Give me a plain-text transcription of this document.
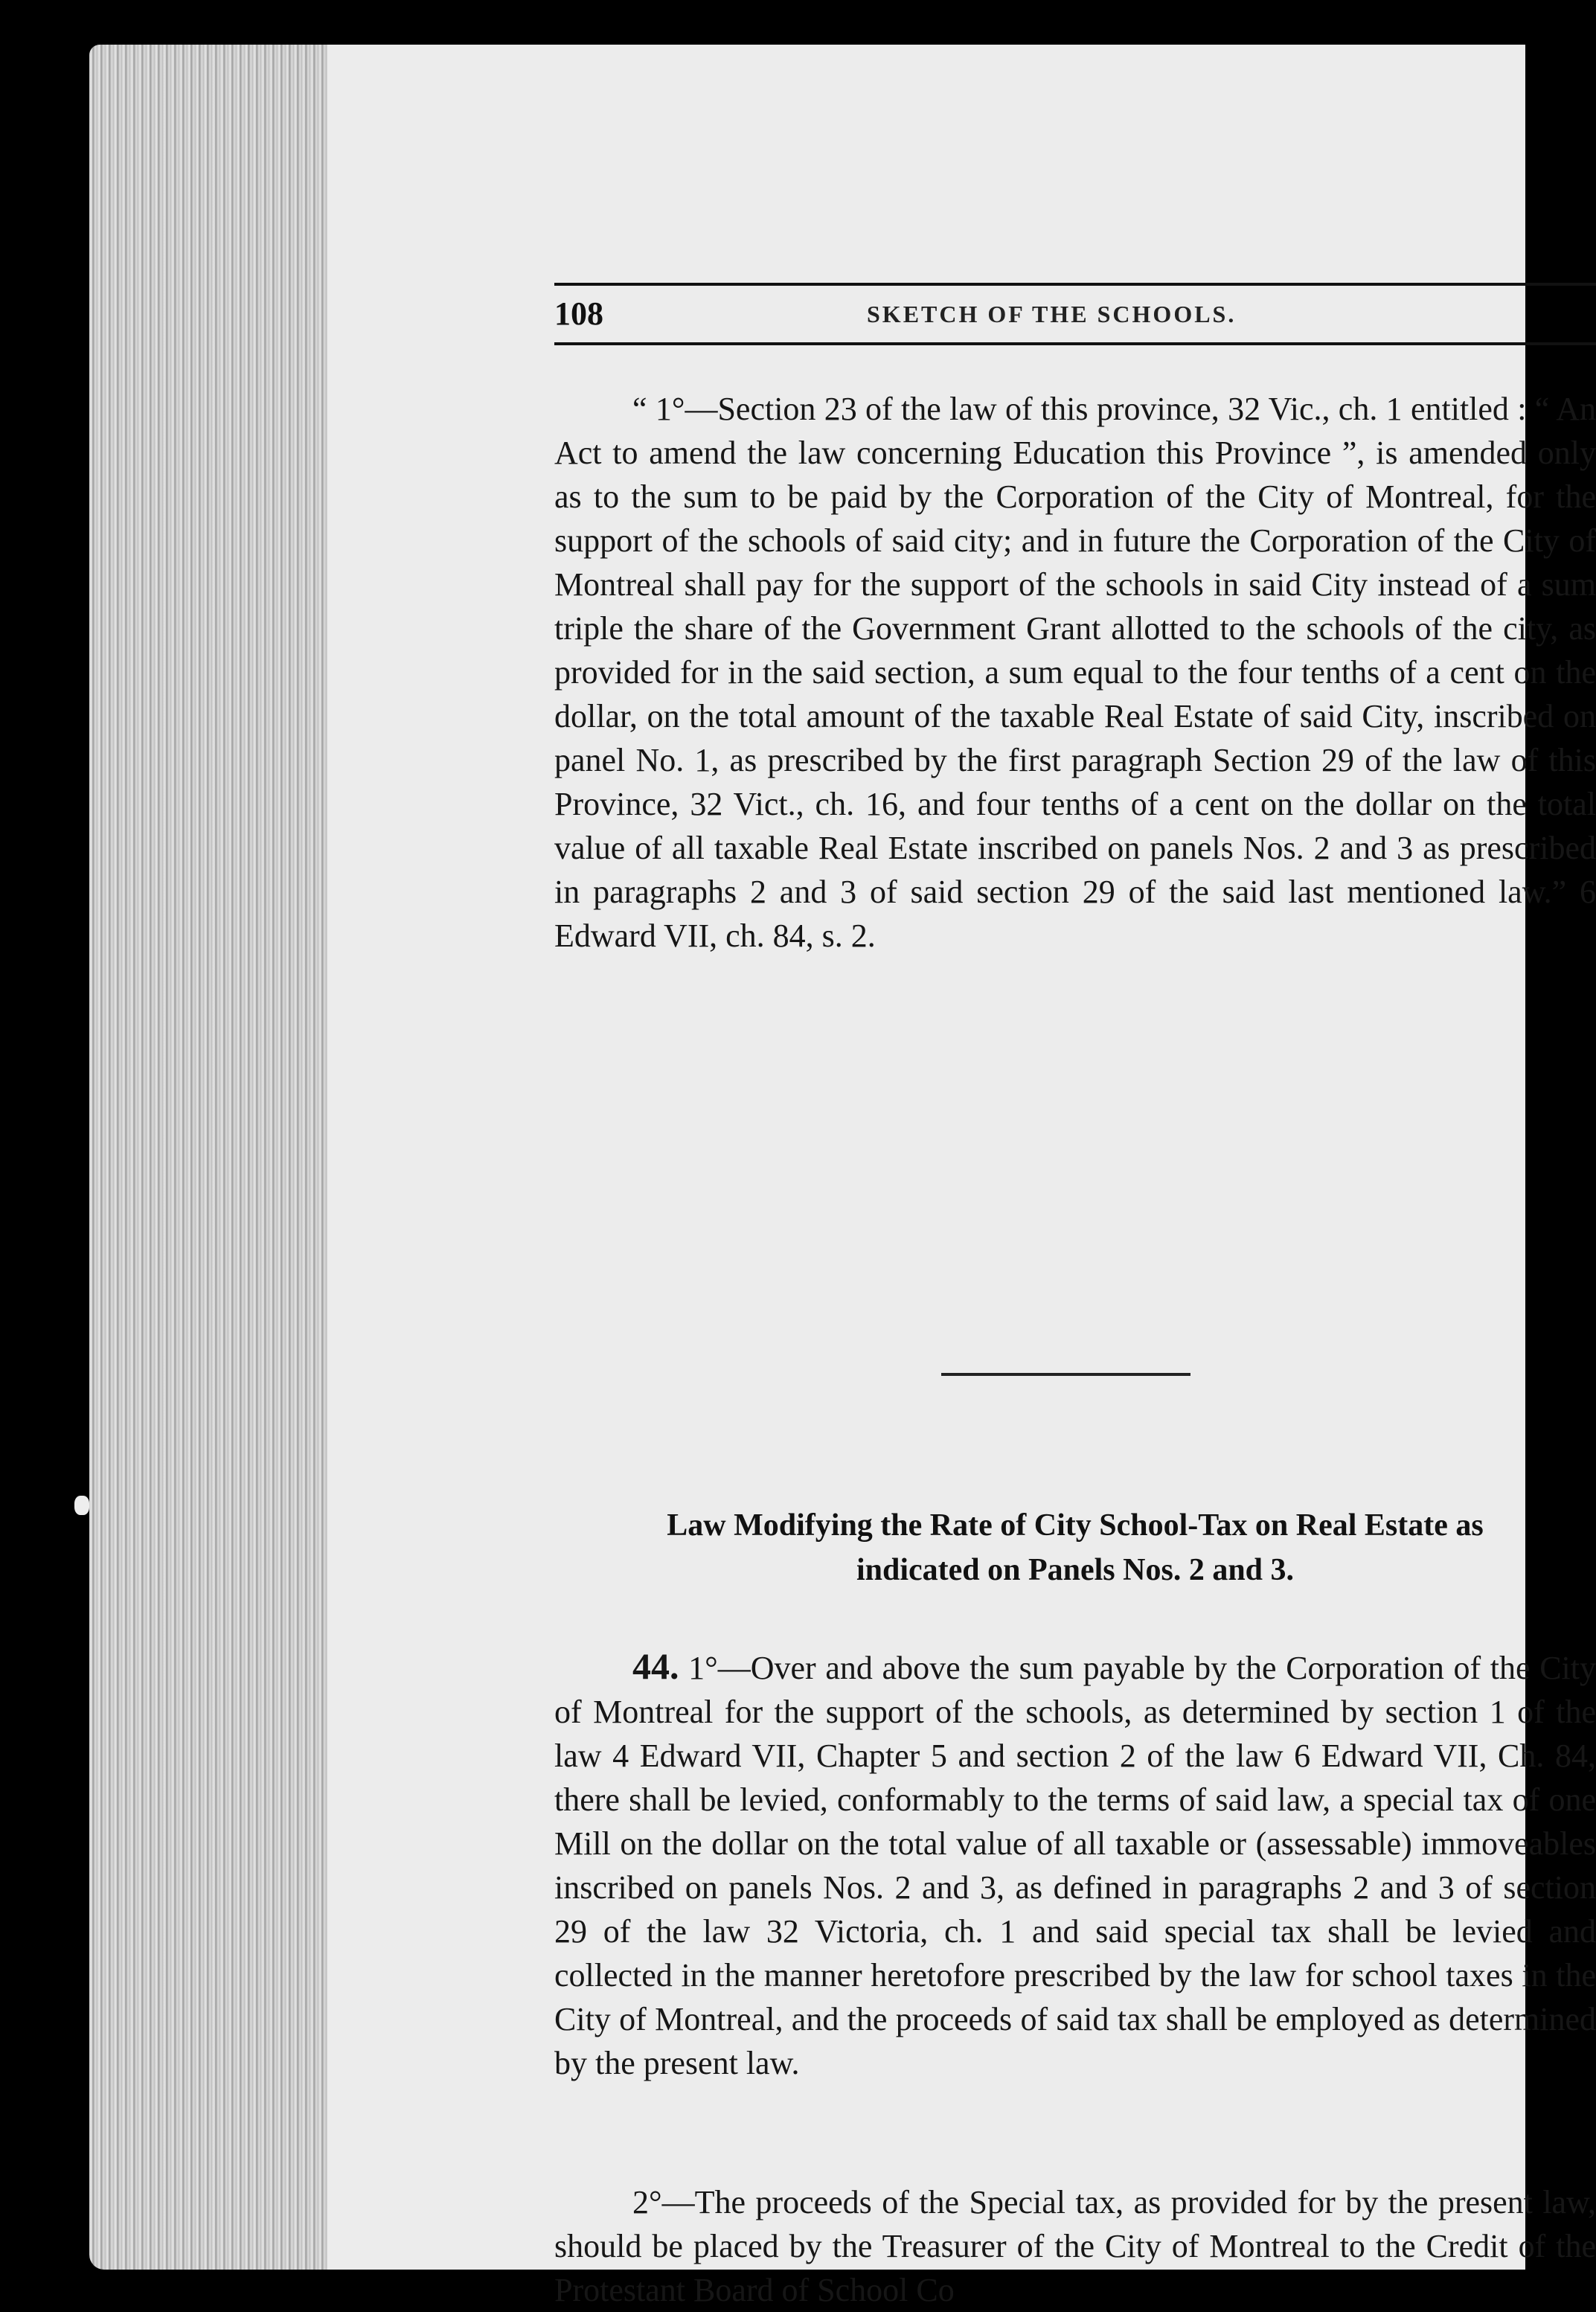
108	SKETCH OF THE SCHOOLS.

“ 1°—Section 23 of the law of this province, 32 Vic., ch. 1 entitled : “ An Act to amend the law concerning Education this Province ”, is amended only as to the sum to be paid by the Corporation of the City of Montreal, for the support of the schools of said city; and in future the Corporation of the City of Montreal shall pay for the support of the schools in said City instead of a sum triple the share of the Government Grant allotted to the schools of the city, as provided for in the said section, a sum equal to the four tenths of a cent on the dollar, on the total amount of the taxable Real Estate of said City, inscribed on panel No. 1, as prescribed by the first paragraph Section 29 of the law of this Province, 32 Vict., ch. 16, and four tenths of a cent on the dollar on the total value of all taxable Real Estate inscribed on panels Nos. 2 and 3 as prescribed in paragraphs 2 and 3 of said section 29 of the said last mentioned law.” 6 Edward VII, ch. 84, s. 2.

Law Modifying the Rate of City School-Tax on Real Estate as
indicated on Panels Nos. 2 and 3.

44. 1°—Over and above the sum payable by the Corporation of the City of Montreal for the support of the schools, as determined by section 1 of the law 4 Edward VII, Chapter 5 and section 2 of the law 6 Edward VII, Ch. 84, there shall be levied, conformably to the terms of said law, a special tax of one Mill on the dollar on the total value of all taxable or (assessable) immoveables inscribed on panels Nos. 2 and 3, as defined in paragraphs 2 and 3 of section 29 of the law 32 Victoria, ch. 1 and said special tax shall be levied and collected in the manner heretofore prescribed by the law for school taxes in the City of Montreal, and the proceeds of said tax shall be employed as determined by the present law.

2°—The proceeds of the Special tax, as provided for by the present law, should be placed by the Treasurer of the City of Montreal to the Credit of the Protestant Board of School Co
